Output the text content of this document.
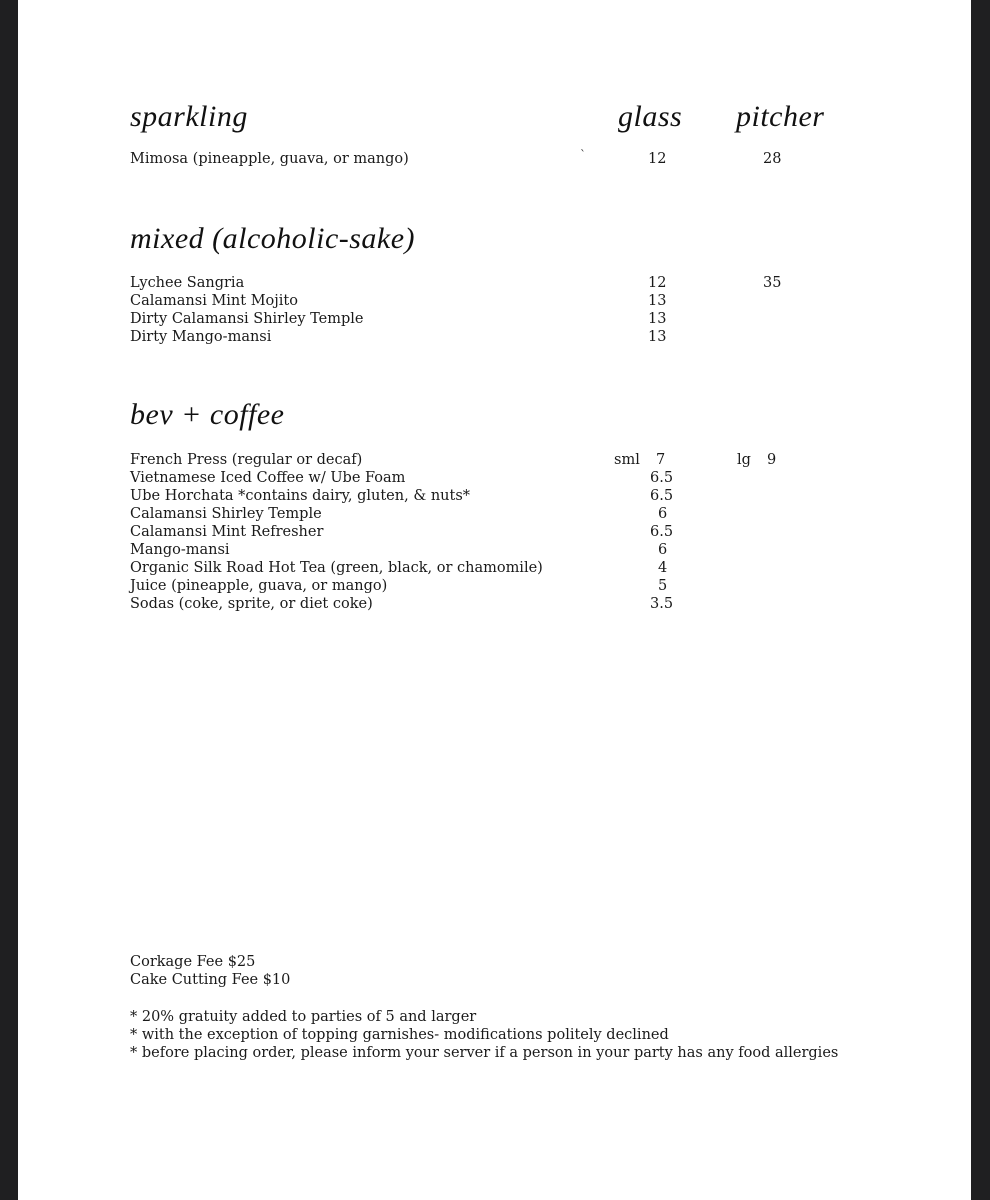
sparkling	glass pitcher
`
Mimosa (pineapple, guava, or mango)	12	28
mixed (alcoholic-sake)
Lychee Sangria	12	35
Calamansi Mint Mojito	13
Dirty Calamansi Shirley Temple	13
Dirty Mango-mansi	13
bev + coffee
French Press (regular or decaf)	sml 7	lg 9
Vietnamese Iced Coffee w/ Ube Foam	6.5
Ube Horchata *contains dairy, gluten, & nuts*	6.5
Calamansi Shirley Temple	6
Calamansi Mint Refresher	6.5
Mango-mansi	6
Organic Silk Road Hot Tea (green, black, or chamomile)	4
Juice (pineapple, guava, or mango)	5
Sodas (coke, sprite, or diet coke)	3.5
Corkage Fee $25
Cake Cutting Fee $10
* 20% gratuity added to parties of 5 and larger
* with the exception of topping garnishes- modifications politely declined
* before placing order, please inform your server if a person in your party has any food allergies
